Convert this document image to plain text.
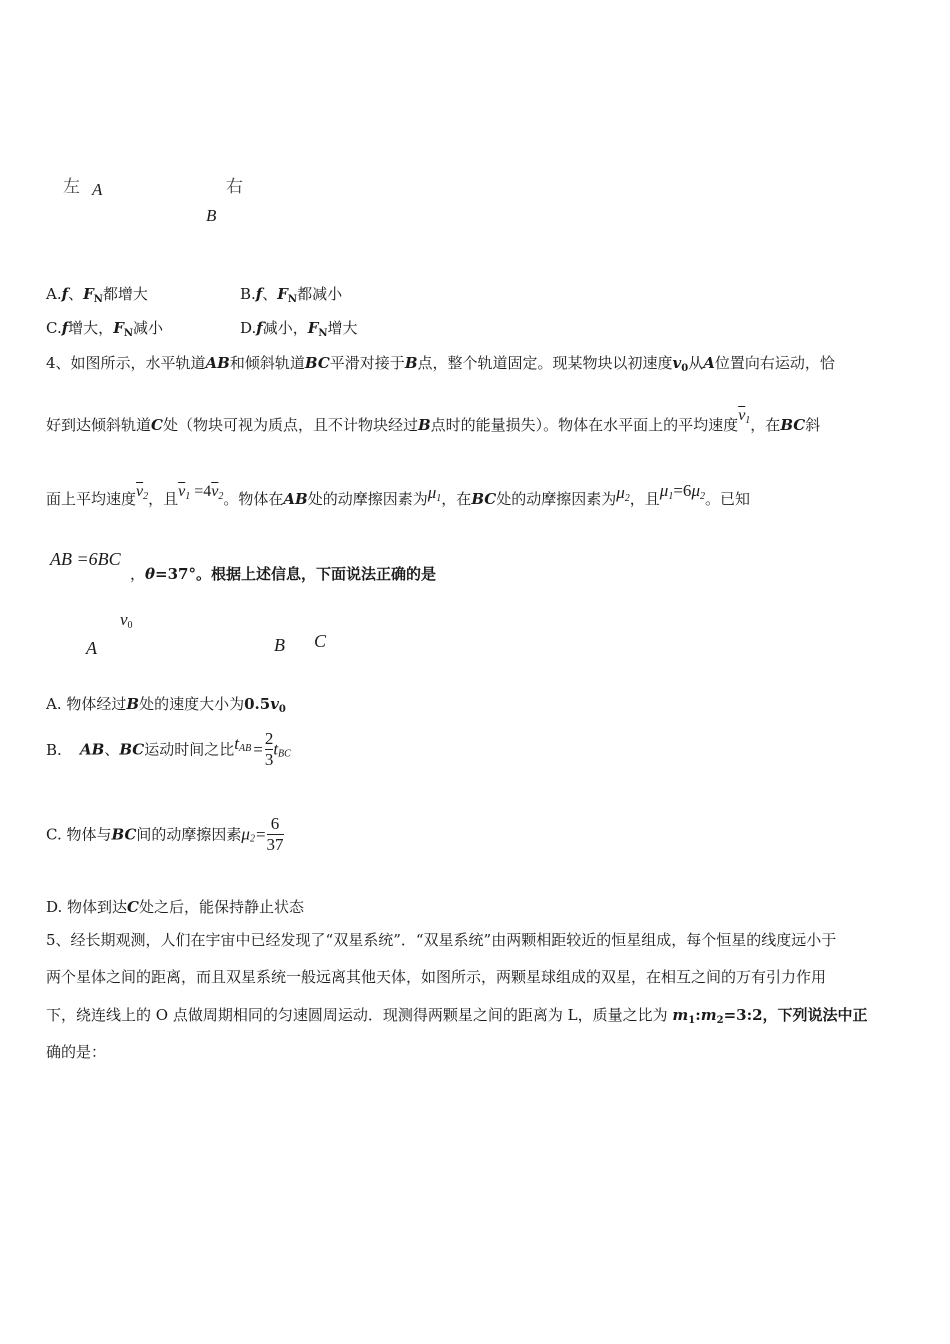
左	右
A
B
A.f、$F_N$都增大	B.f、$F_N$都减小
C.f增大，$F_N$减小	D.f减小，$F_N$增大
4、如图所示，水平轨道AB和倾斜轨道BC平滑对接于B点，整个轨道固定。现某物块以初速度$v_0$从A位置向右运动，恰
好到达倾斜轨道C处（物块可视为质点，且不计物块经过B点时的能量损失）。物体在水平面上的平均速度$\overline{v}_1$，在BC斜
面上平均速度$\overline{v}_2$，且$\overline{v}_1 =4\overline{v}_2$。物体在AB处的动摩擦因素为$\mu_1$，在BC处的动摩擦因素为$\mu_2$，且$\mu_1=6\mu_2$。已知
AB =6BC
，θ=37°。根据上述信息，下面说法正确的是
$v_0$
A	B C
A. 物体经过B处的速度大小为$0.5v_0$
B. AB、BC运动时间之比$t_{AB} = \frac{2}{3} t_{BC}$
C. 物体与BC间的动摩擦因素$\mu_2= \frac{6}{37}$
D. 物体到达C处之后，能保持静止状态
5、经长期观测，人们在宇宙中已经发现了“双星系统”．“双星系统”由两颗相距较近的恒星组成，每个恒星的线度远小于
两个星体之间的距离，而且双星系统一般远离其他天体，如图所示，两颗星球组成的双星，在相互之间的万有引力作用
下，绕连线上的 O 点做周期相同的匀速圆周运动．现测得两颗星之间的距离为 L，质量之比为 $m_1:m_2=3:2$，下列说法中正
确的是：
